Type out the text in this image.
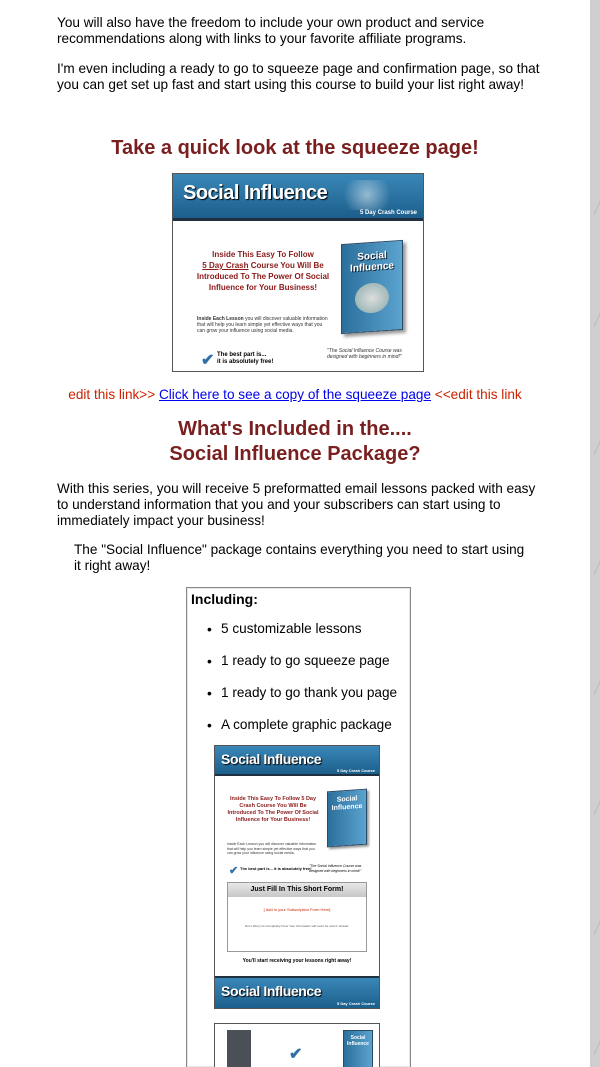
You will also have the freedom to include your own product and service recommendations along with links to your favorite affiliate programs.

I'm even including a ready to go to squeeze page and confirmation page, so that you can get set up fast and start using this course to build your list right away!

Take a quick look at the squeeze page!
Social Influence
5 Day Crash Course
Inside This Easy To Follow
5 Day Crash Course You Will Be Introduced To The Power Of Social Influence for Your Business!
Social Influence
Inside Each Lesson you will discover valuable information that will help you learn simple yet effective ways that you can grow your influence using social media.
✔ The best part is...
it is absolutely free!
"The Social Influence Course was designed with beginners in mind!"
edit this link>> Click here to see a copy of the squeeze page <<edit this link
What's Included in the....
Social Influence Package?

With this series, you will receive 5 preformatted email lessons packed with easy to understand information that you and your subscribers can start using to immediately impact your business!

The "Social Influence" package contains everything you need to start using it right away!

Including:
• 5 customizable lessons
• 1 ready to go squeeze page
• 1 ready to go thank you page
• A complete graphic package
Social Influence
5 Day Crash Course
Inside This Easy To Follow 5 Day Crash Course You Will Be Introduced To The Power Of Social Influence for Your Business!
Social Influence
Inside Each Lesson you will discover valuable information that will help you learn simple yet effective ways that you can grow your influence using social media.
✔ The best part is... it is absolutely free!
"The Social Influence Course was designed with beginners in mind!"
Just Fill In This Short Form!
[ Add in your Subscription Form Here]
Don't Worry Its Completely Free! Your information will never be sold or shared.
You'll start receiving your lessons right away!
Social Influence
5 Day Crash Course
✔
Social Influence
